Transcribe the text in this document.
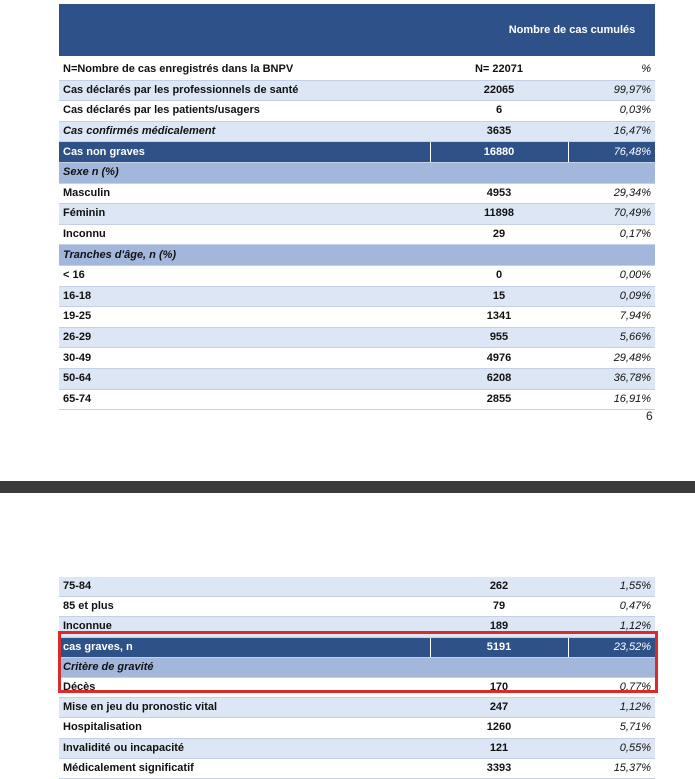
Nombre de cas cumulés
N=Nombre de cas enregistrés dans la BNPV	N= 22071	%
Cas déclarés par les professionnels de santé	22065	99,97%
Cas déclarés par les patients/usagers	6	0,03%
Cas confirmés médicalement	3635	16,47%
Cas non graves	16880	76,48%
Sexe n (%)		
Masculin	4953	29,34%
Féminin	11898	70,49%
Inconnu	29	0,17%
Tranches d'âge, n (%)		
< 16	0	0,00%
16-18	15	0,09%
19-25	1341	7,94%
26-29	955	5,66%
30-49	4976	29,48%
50-64	6208	36,78%
65-74	2855	16,91%
6
75-84	262	1,55%
85 et plus	79	0,47%
Inconnue	189	1,12%
cas graves, n	5191	23,52%
Critère de gravité		
Décès	170	0,77%
Mise en jeu du pronostic vital	247	1,12%
Hospitalisation	1260	5,71%
Invalidité ou incapacité	121	0,55%
Médicalement significatif	3393	15,37%
